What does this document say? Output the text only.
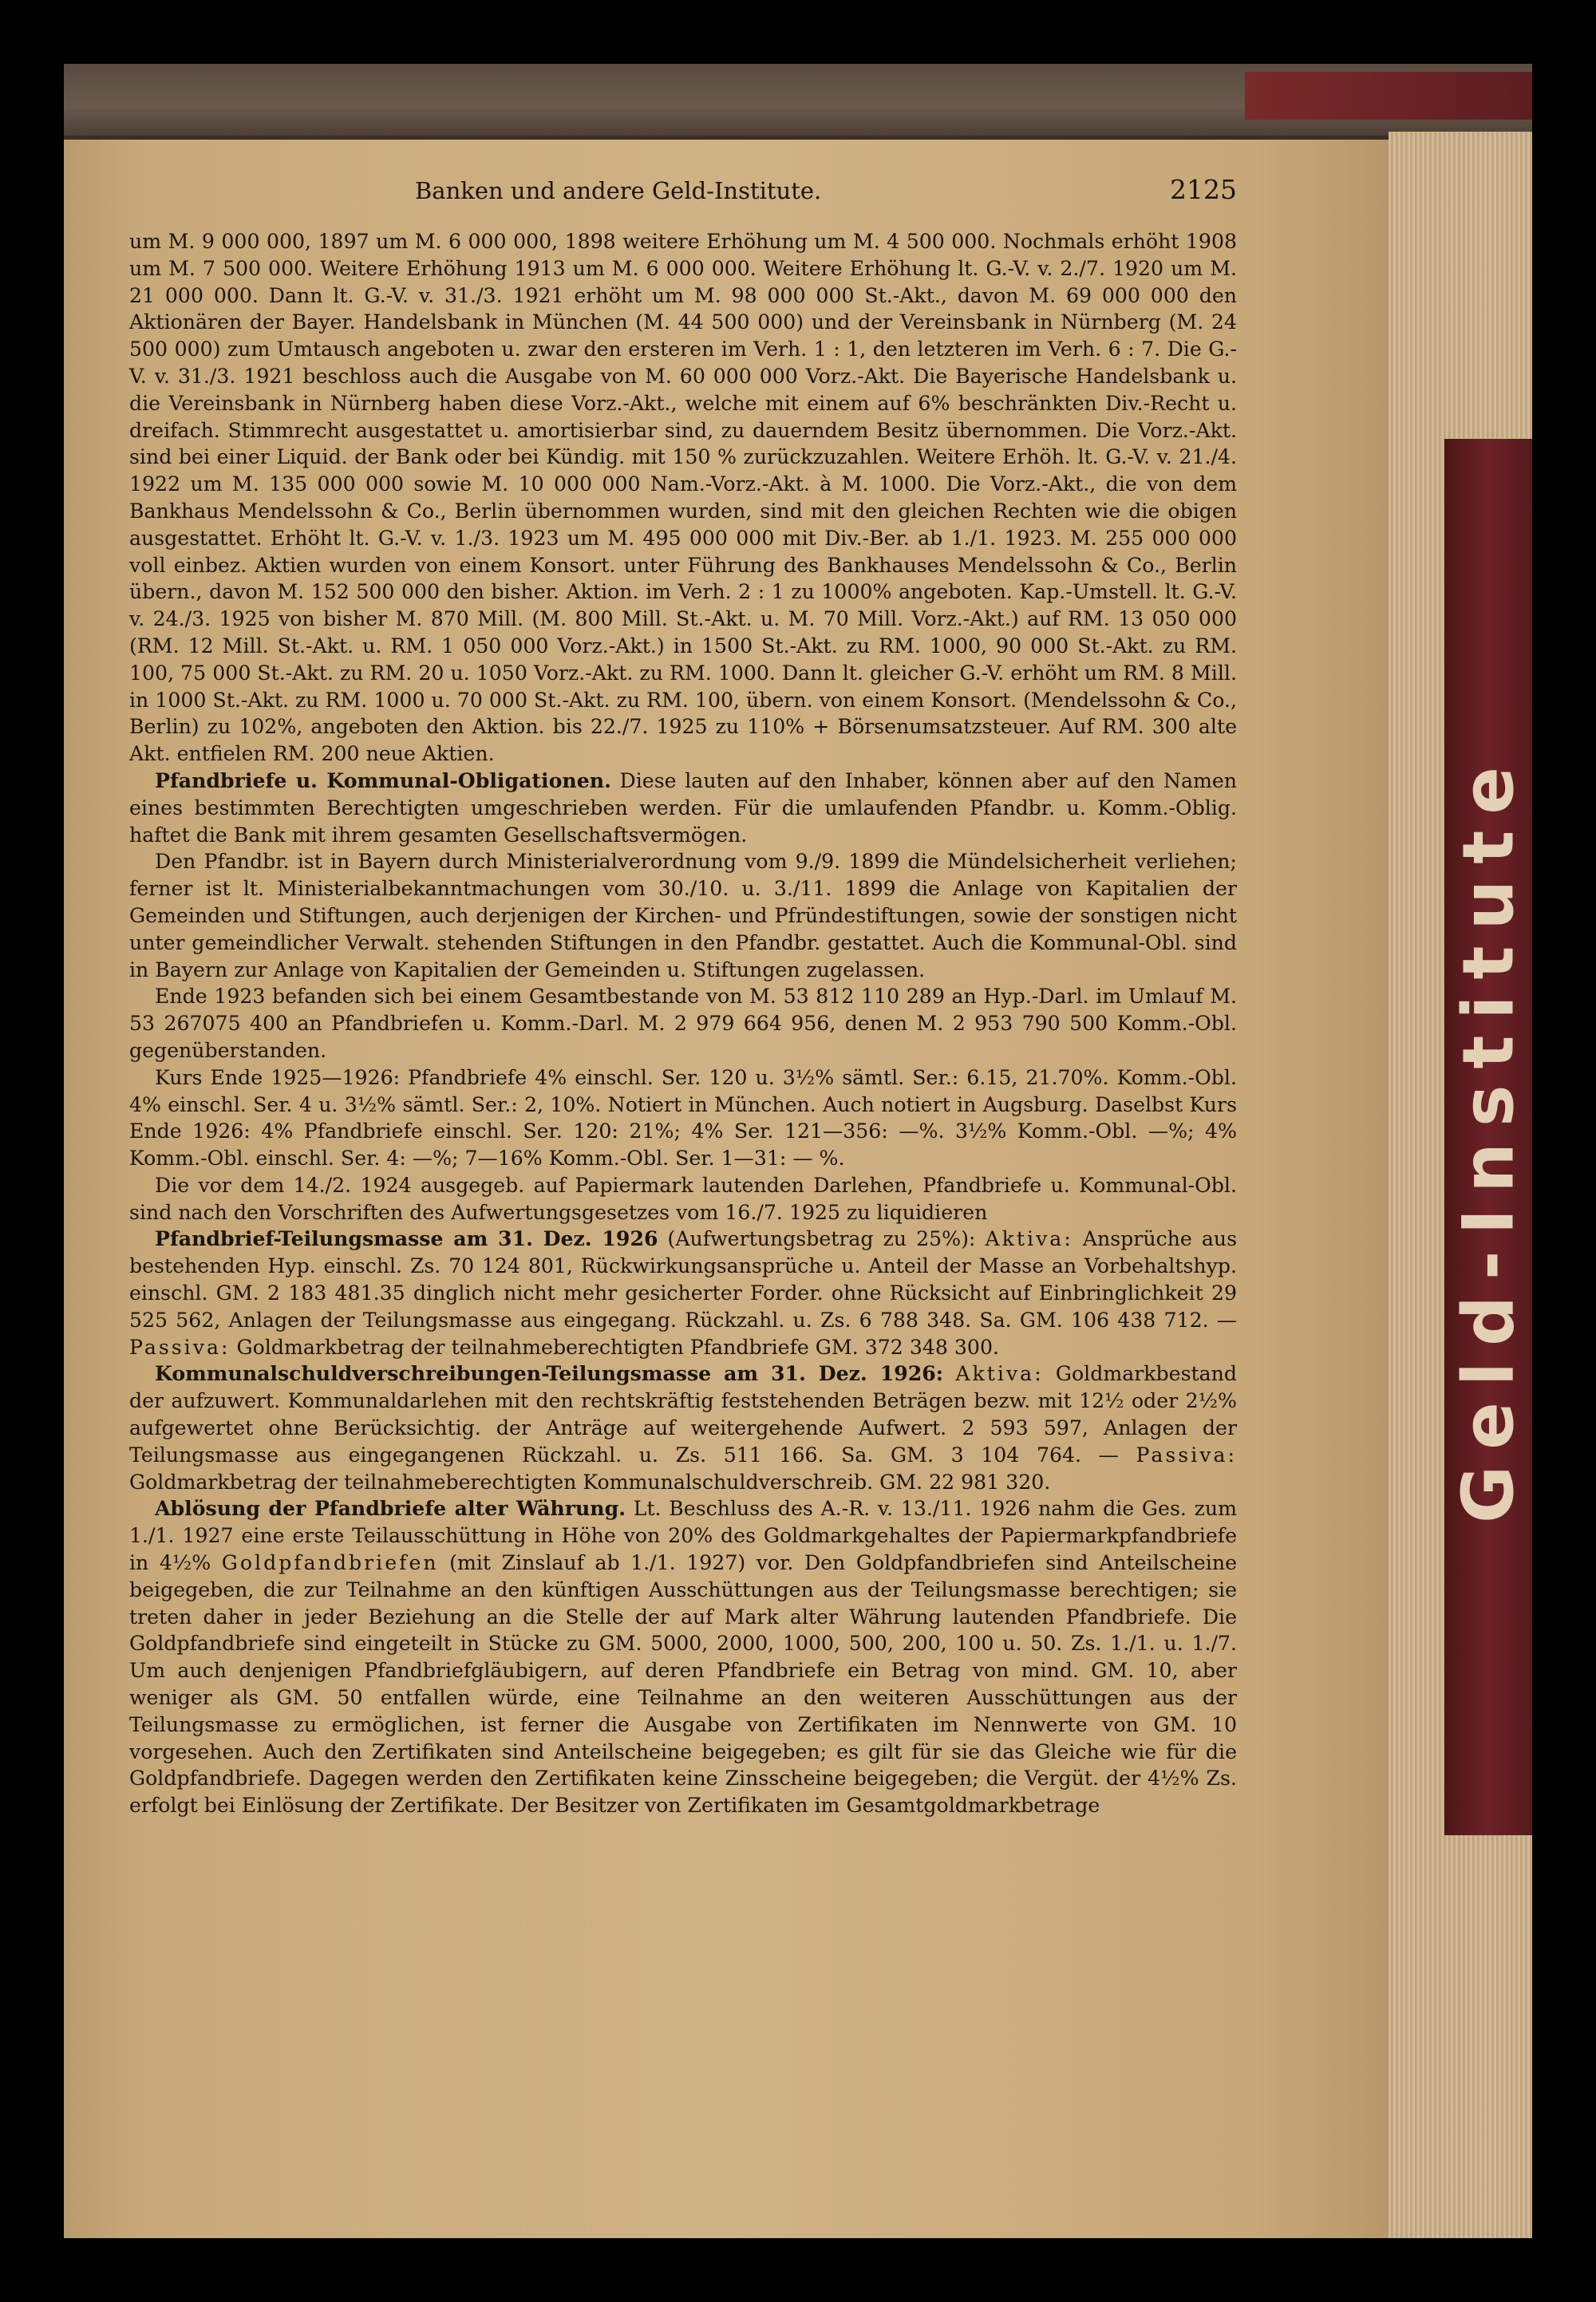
Geld-Institute
Banken und andere Geld-Institute.	2125

um M. 9 000 000, 1897 um M. 6 000 000, 1898 weitere Erhöhung um M. 4 500 000. Nochmals erhöht 1908 um M. 7 500 000. Weitere Erhöhung 1913 um M. 6 000 000. Weitere Erhöhung lt. G.-V. v. 2./7. 1920 um M. 21 000 000. Dann lt. G.-V. v. 31./3. 1921 erhöht um M. 98 000 000 St.-Akt., davon M. 69 000 000 den Aktionären der Bayer. Handelsbank in München (M. 44 500 000) und der Vereinsbank in Nürnberg (M. 24 500 000) zum Umtausch angeboten u. zwar den ersteren im Verh. 1 : 1, den letzteren im Verh. 6 : 7. Die G.-V. v. 31./3. 1921 beschloss auch die Ausgabe von M. 60 000 000 Vorz.-Akt. Die Bayerische Handelsbank u. die Vereinsbank in Nürnberg haben diese Vorz.-Akt., welche mit einem auf 6% beschränkten Div.-Recht u. dreifach. Stimmrecht ausgestattet u. amortisierbar sind, zu dauerndem Besitz übernommen. Die Vorz.-Akt. sind bei einer Liquid. der Bank oder bei Kündig. mit 150 % zurückzuzahlen. Weitere Erhöh. lt. G.-V. v. 21./4. 1922 um M. 135 000 000 sowie M. 10 000 000 Nam.-Vorz.-Akt. à M. 1000. Die Vorz.-Akt., die von dem Bankhaus Mendelssohn & Co., Berlin übernommen wurden, sind mit den gleichen Rechten wie die obigen ausgestattet. Erhöht lt. G.-V. v. 1./3. 1923 um M. 495 000 000 mit Div.-Ber. ab 1./1. 1923. M. 255 000 000 voll einbez. Aktien wurden von einem Konsort. unter Führung des Bankhauses Mendelssohn & Co., Berlin übern., davon M. 152 500 000 den bisher. Aktion. im Verh. 2 : 1 zu 1000% angeboten. Kap.-Umstell. lt. G.-V. v. 24./3. 1925 von bisher M. 870 Mill. (M. 800 Mill. St.-Akt. u. M. 70 Mill. Vorz.-Akt.) auf RM. 13 050 000 (RM. 12 Mill. St.-Akt. u. RM. 1 050 000 Vorz.-Akt.) in 1500 St.-Akt. zu RM. 1000, 90 000 St.-Akt. zu RM. 100, 75 000 St.-Akt. zu RM. 20 u. 1050 Vorz.-Akt. zu RM. 1000. Dann lt. gleicher G.-V. erhöht um RM. 8 Mill. in 1000 St.-Akt. zu RM. 1000 u. 70 000 St.-Akt. zu RM. 100, übern. von einem Konsort. (Mendelssohn & Co., Berlin) zu 102%, angeboten den Aktion. bis 22./7. 1925 zu 110% + Börsenumsatzsteuer. Auf RM. 300 alte Akt. entfielen RM. 200 neue Aktien.

Pfandbriefe u. Kommunal-Obligationen. Diese lauten auf den Inhaber, können aber auf den Namen eines bestimmten Berechtigten umgeschrieben werden. Für die umlaufenden Pfandbr. u. Komm.-Oblig. haftet die Bank mit ihrem gesamten Gesellschaftsvermögen.

Den Pfandbr. ist in Bayern durch Ministerialverordnung vom 9./9. 1899 die Mündelsicherheit verliehen; ferner ist lt. Ministerialbekanntmachungen vom 30./10. u. 3./11. 1899 die Anlage von Kapitalien der Gemeinden und Stiftungen, auch derjenigen der Kirchen- und Pfründestiftungen, sowie der sonstigen nicht unter gemeindlicher Verwalt. stehenden Stiftungen in den Pfandbr. gestattet. Auch die Kommunal-Obl. sind in Bayern zur Anlage von Kapitalien der Gemeinden u. Stiftungen zugelassen.

Ende 1923 befanden sich bei einem Gesamtbestande von M. 53 812 110 289 an Hyp.-Darl. im Umlauf M. 53 267075 400 an Pfandbriefen u. Komm.-Darl. M. 2 979 664 956, denen M. 2 953 790 500 Komm.-Obl. gegenüberstanden.

Kurs Ende 1925—1926: Pfandbriefe 4% einschl. Ser. 120 u. 3½% sämtl. Ser.: 6.15, 21.70%. Komm.-Obl. 4% einschl. Ser. 4 u. 3½% sämtl. Ser.: 2, 10%. Notiert in München. Auch notiert in Augsburg. Daselbst Kurs Ende 1926: 4% Pfandbriefe einschl. Ser. 120: 21%; 4% Ser. 121—356: —%. 3½% Komm.-Obl. —%; 4% Komm.-Obl. einschl. Ser. 4: —%; 7—16% Komm.-Obl. Ser. 1—31: — %.

Die vor dem 14./2. 1924 ausgegeb. auf Papiermark lautenden Darlehen, Pfandbriefe u. Kommunal-Obl. sind nach den Vorschriften des Aufwertungsgesetzes vom 16./7. 1925 zu liquidieren

Pfandbrief-Teilungsmasse am 31. Dez. 1926 (Aufwertungsbetrag zu 25%): Aktiva: Ansprüche aus bestehenden Hyp. einschl. Zs. 70 124 801, Rückwirkungsansprüche u. Anteil der Masse an Vorbehaltshyp. einschl. GM. 2 183 481.35 dinglich nicht mehr gesicherter Forder. ohne Rücksicht auf Einbringlichkeit 29 525 562, Anlagen der Teilungsmasse aus eingegang. Rückzahl. u. Zs. 6 788 348. Sa. GM. 106 438 712. — Passiva: Goldmarkbetrag der teilnahmeberechtigten Pfandbriefe GM. 372 348 300.

Kommunalschuldverschreibungen-Teilungsmasse am 31. Dez. 1926: Aktiva: Goldmarkbestand der aufzuwert. Kommunaldarlehen mit den rechtskräftig feststehenden Beträgen bezw. mit 12½ oder 2½% aufgewertet ohne Berücksichtig. der Anträge auf weitergehende Aufwert. 2 593 597, Anlagen der Teilungsmasse aus eingegangenen Rückzahl. u. Zs. 511 166. Sa. GM. 3 104 764. — Passiva: Goldmarkbetrag der teilnahmeberechtigten Kommunalschuldverschreib. GM. 22 981 320.

Ablösung der Pfandbriefe alter Währung. Lt. Beschluss des A.-R. v. 13./11. 1926 nahm die Ges. zum 1./1. 1927 eine erste Teilausschüttung in Höhe von 20% des Goldmarkgehaltes der Papiermarkpfandbriefe in 4½% Goldpfandbriefen (mit Zinslauf ab 1./1. 1927) vor. Den Goldpfandbriefen sind Anteilscheine beigegeben, die zur Teilnahme an den künftigen Ausschüttungen aus der Teilungsmasse berechtigen; sie treten daher in jeder Beziehung an die Stelle der auf Mark alter Währung lautenden Pfandbriefe. Die Goldpfandbriefe sind eingeteilt in Stücke zu GM. 5000, 2000, 1000, 500, 200, 100 u. 50. Zs. 1./1. u. 1./7. Um auch denjenigen Pfandbriefgläubigern, auf deren Pfandbriefe ein Betrag von mind. GM. 10, aber weniger als GM. 50 entfallen würde, eine Teilnahme an den weiteren Ausschüttungen aus der Teilungsmasse zu ermöglichen, ist ferner die Ausgabe von Zertifikaten im Nennwerte von GM. 10 vorgesehen. Auch den Zertifikaten sind Anteilscheine beigegeben; es gilt für sie das Gleiche wie für die Goldpfandbriefe. Dagegen werden den Zertifikaten keine Zinsscheine beigegeben; die Vergüt. der 4½% Zs. erfolgt bei Einlösung der Zertifikate. Der Besitzer von Zertifikaten im Gesamtgoldmarkbetrage
